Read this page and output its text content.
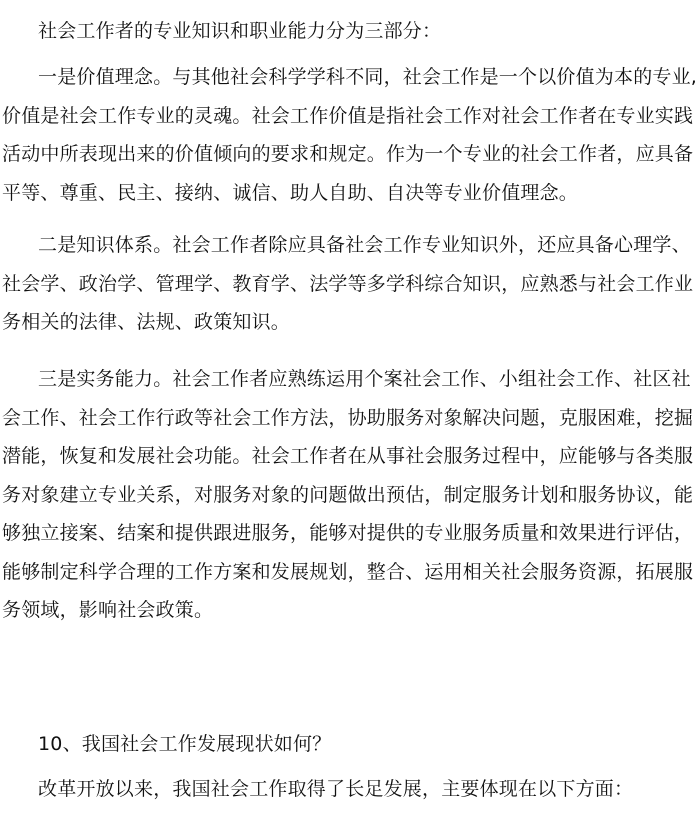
社会工作者的专业知识和职业能力分为三部分：

一是价值理念。与其他社会科学学科不同，社会工作是一个以价值为本的专业,价值是社会工作专业的灵魂。社会工作价值是指社会工作对社会工作者在专业实践活动中所表现出来的价值倾向的要求和规定。作为一个专业的社会工作者，应具备平等、尊重、民主、接纳、诚信、助人自助、自决等专业价值理念。

二是知识体系。社会工作者除应具备社会工作专业知识外，还应具备心理学、社会学、政治学、管理学、教育学、法学等多学科综合知识，应熟悉与社会工作业务相关的法律、法规、政策知识。

三是实务能力。社会工作者应熟练运用个案社会工作、小组社会工作、社区社会工作、社会工作行政等社会工作方法，协助服务对象解决问题，克服困难，挖掘潜能，恢复和发展社会功能。社会工作者在从事社会服务过程中，应能够与各类服务对象建立专业关系，对服务对象的问题做出预估，制定服务计划和服务协议，能够独立接案、结案和提供跟进服务，能够对提供的专业服务质量和效果进行评估，能够制定科学合理的工作方案和发展规划，整合、运用相关社会服务资源，拓展服务领域，影响社会政策。

10、我国社会工作发展现状如何？

改革开放以来，我国社会工作取得了长足发展，主要体现在以下方面：
